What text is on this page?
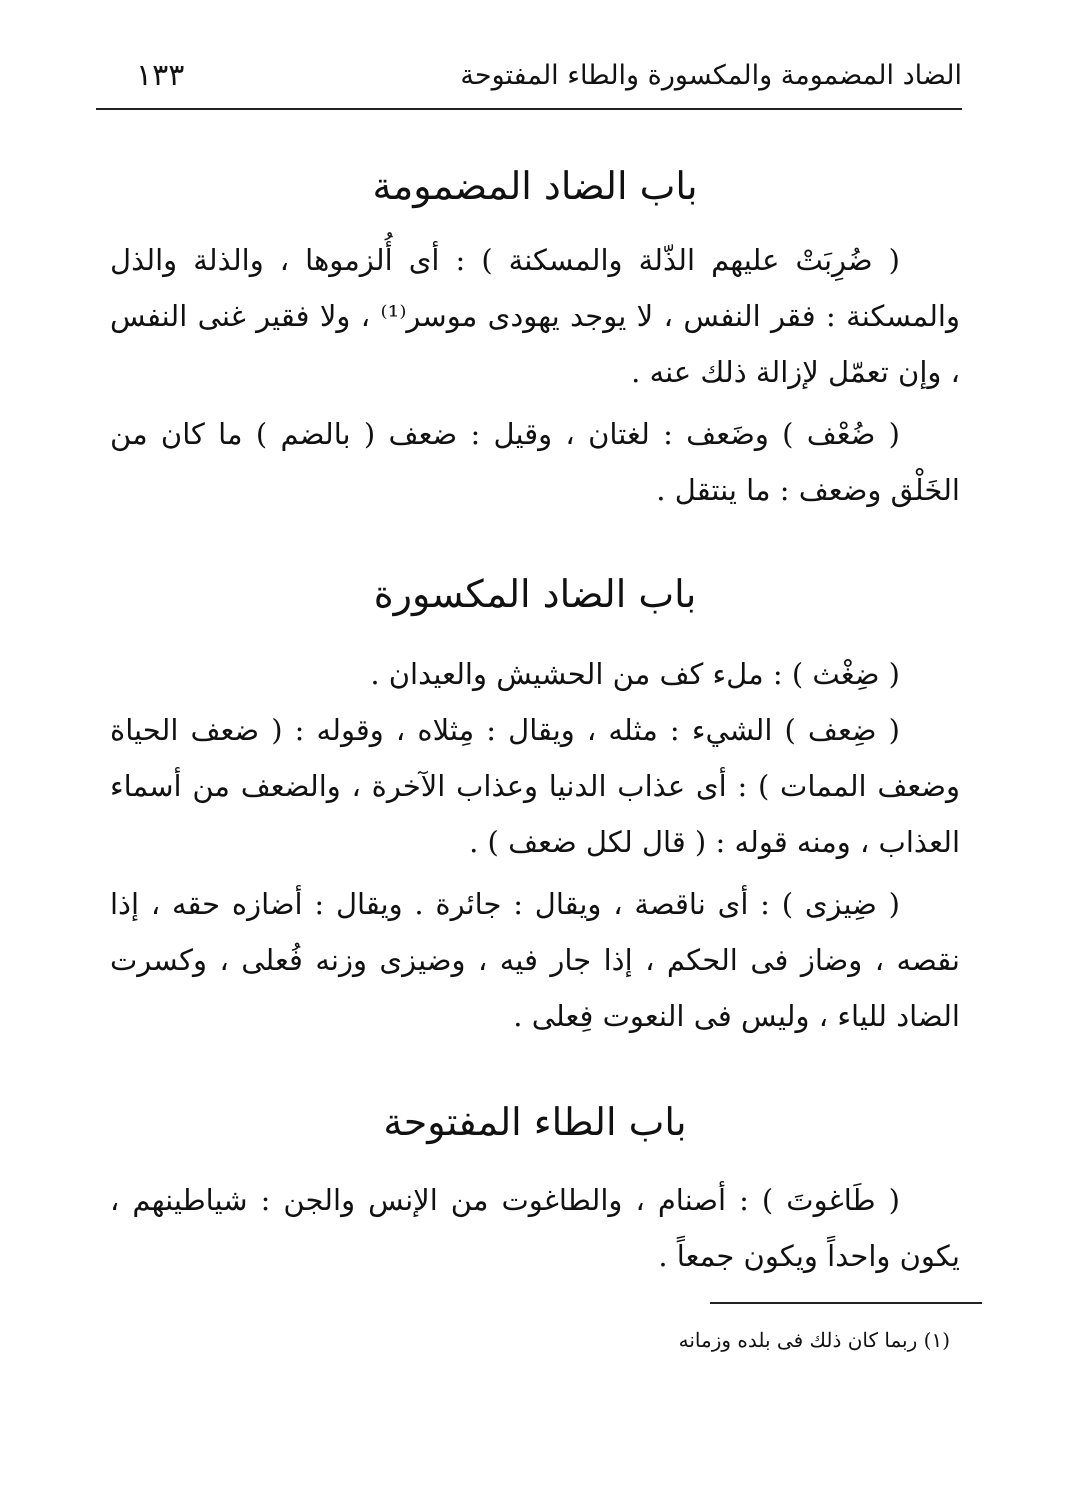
الضاد المضمومة والمكسورة والطاء المفتوحة
١٣٣
باب الضاد المضمومة

( ضُرِبَتْ عليهم الذّلة والمسكنة ) : أى أُلزموها ، والذلة والذل والمسكنة : فقر النفس ، لا يوجد يهودى موسر⁽¹⁾ ، ولا فقير غنى النفس ، وإن تعمّل لإزالة ذلك عنه .

( ضُعْف ) وضَعف : لغتان ، وقيل : ضعف ( بالضم ) ما كان من الخَلْق وضعف : ما ينتقل .

باب الضاد المكسورة

( ضِغْث ) : ملء كف من الحشيش والعيدان .

( ضِعف ) الشيء : مثله ، ويقال : مِثلاه ، وقوله : ( ضعف الحياة وضعف الممات ) : أى عذاب الدنيا وعذاب الآخرة ، والضعف من أسماء العذاب ، ومنه قوله : ( قال لكل ضعف ) .

( ضِيزى ) : أى ناقصة ، ويقال : جائرة . ويقال : أضازه حقه ، إذا نقصه ، وضاز فى الحكم ، إذا جار فيه ، وضيزى وزنه فُعلى ، وكسرت الضاد للياء ، وليس فى النعوت فِعلى .

باب الطاء المفتوحة

( طَاغوتَ ) : أصنام ، والطاغوت من الإنس والجن : شياطينهم ، يكون واحداً ويكون جمعاً .

(١) ربما كان ذلك فى بلده وزمانه
